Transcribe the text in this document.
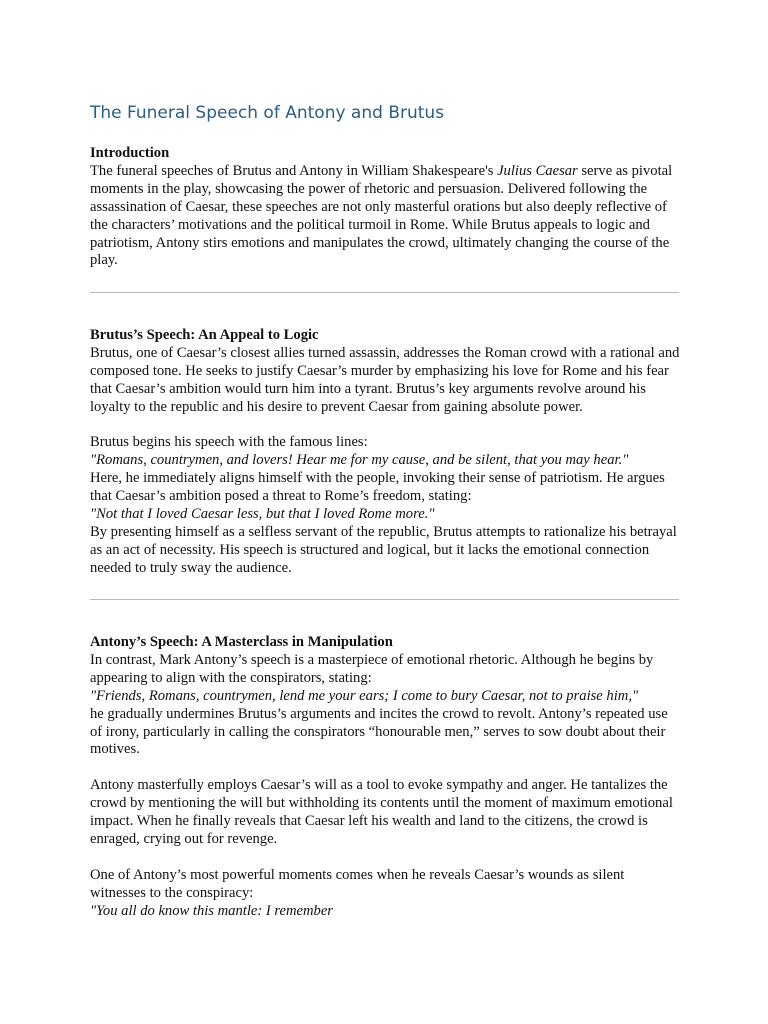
The Funeral Speech of Antony and Brutus
Introduction

The funeral speeches of Brutus and Antony in William Shakespeare's Julius Caesar serve as pivotal moments in the play, showcasing the power of rhetoric and persuasion. Delivered following the assassination of Caesar, these speeches are not only masterful orations but also deeply reflective of the characters’ motivations and the political turmoil in Rome. While Brutus appeals to logic and patriotism, Antony stirs emotions and manipulates the crowd, ultimately changing the course of the play.

Brutus’s Speech: An Appeal to Logic

Brutus, one of Caesar’s closest allies turned assassin, addresses the Roman crowd with a rational and composed tone. He seeks to justify Caesar’s murder by emphasizing his love for Rome and his fear that Caesar’s ambition would turn him into a tyrant. Brutus’s key arguments revolve around his loyalty to the republic and his desire to prevent Caesar from gaining absolute power.

Brutus begins his speech with the famous lines:
"Romans, countrymen, and lovers! Hear me for my cause, and be silent, that you may hear."
Here, he immediately aligns himself with the people, invoking their sense of patriotism. He argues that Caesar’s ambition posed a threat to Rome’s freedom, stating:
"Not that I loved Caesar less, but that I loved Rome more."
By presenting himself as a selfless servant of the republic, Brutus attempts to rationalize his betrayal as an act of necessity. His speech is structured and logical, but it lacks the emotional connection needed to truly sway the audience.

Antony’s Speech: A Masterclass in Manipulation

In contrast, Mark Antony’s speech is a masterpiece of emotional rhetoric. Although he begins by appearing to align with the conspirators, stating:
"Friends, Romans, countrymen, lend me your ears; I come to bury Caesar, not to praise him,"
he gradually undermines Brutus’s arguments and incites the crowd to revolt. Antony’s repeated use of irony, particularly in calling the conspirators “honourable men,” serves to sow doubt about their motives.

Antony masterfully employs Caesar’s will as a tool to evoke sympathy and anger. He tantalizes the crowd by mentioning the will but withholding its contents until the moment of maximum emotional impact. When he finally reveals that Caesar left his wealth and land to the citizens, the crowd is enraged, crying out for revenge.

One of Antony’s most powerful moments comes when he reveals Caesar’s wounds as silent witnesses to the conspiracy:
"You all do know this mantle: I remember
